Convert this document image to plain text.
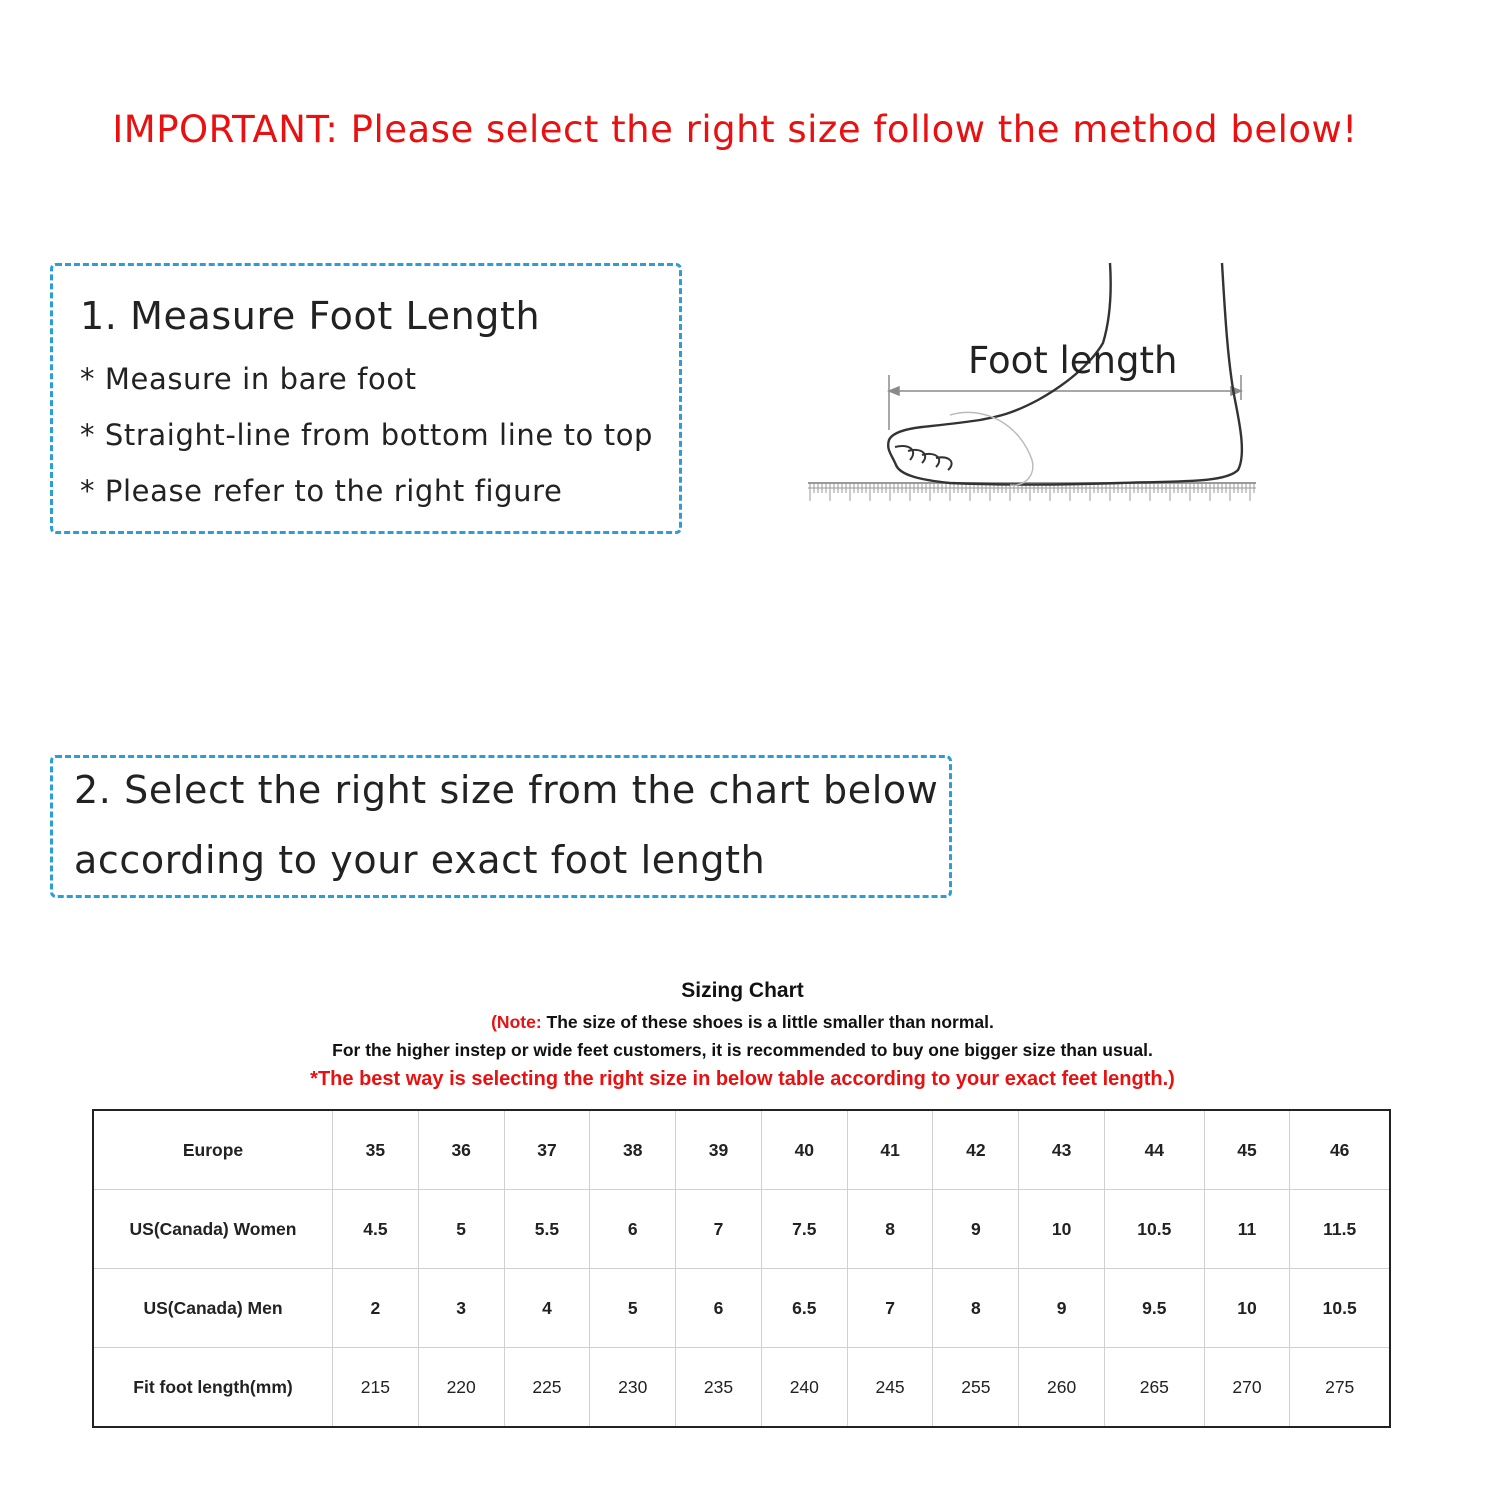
IMPORTANT: Please select the right size follow the method below!
1. Measure Foot Length
* Measure in bare foot
* Straight-line from bottom line to top
* Please refer to the right figure
Foot length
2. Select the right size from the chart below
according to your exact foot length
Sizing Chart
(Note: The size of these shoes is a little smaller than normal.
For the higher instep or wide feet customers, it is recommended to buy one bigger size than usual.
*The best way is selecting the right size in below table according to your exact feet length.)
Europe	35	36	37	38	39	40	41	42	43	44	45	46
US(Canada) Women	4.5	5	5.5	6	7	7.5	8	9	10	10.5	11	11.5
US(Canada) Men	2	3	4	5	6	6.5	7	8	9	9.5	10	10.5
Fit foot length(mm)	215	220	225	230	235	240	245	255	260	265	270	275
